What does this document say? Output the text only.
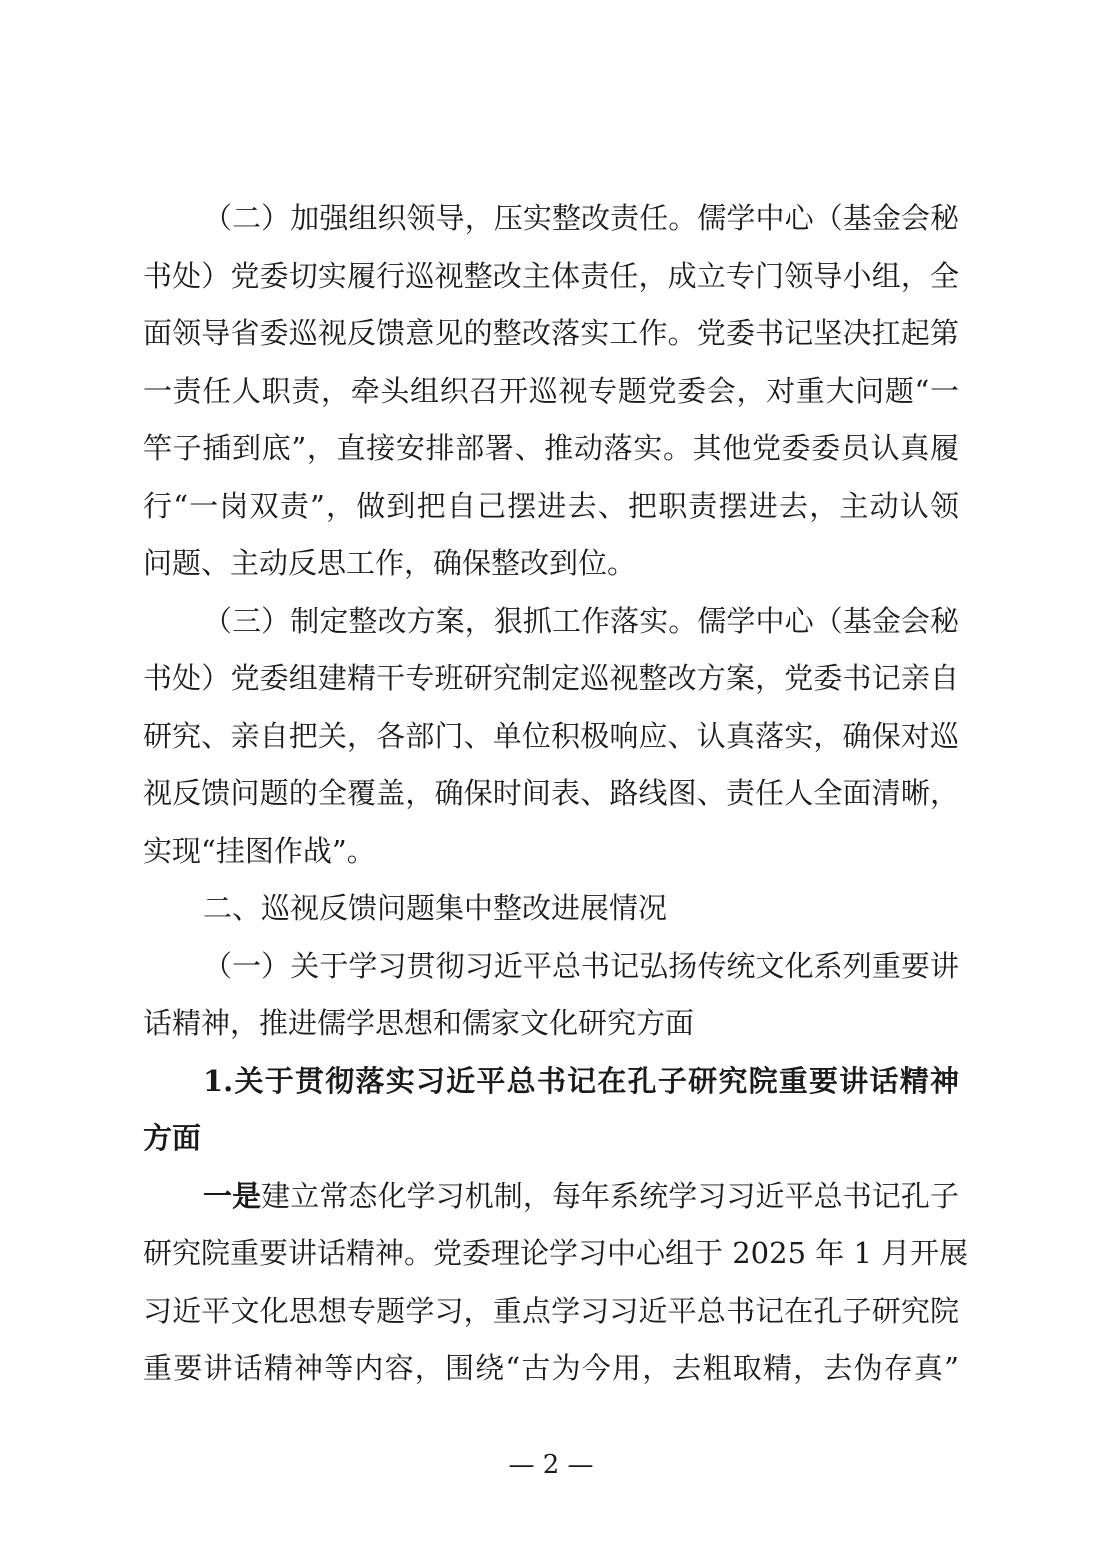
（二）加强组织领导，压实整改责任。儒学中心（基金会秘
书处）党委切实履行巡视整改主体责任，成立专门领导小组，全
面领导省委巡视反馈意见的整改落实工作。党委书记坚决扛起第
一责任人职责，牵头组织召开巡视专题党委会，对重大问题“一
竿子插到底”，直接安排部署、推动落实。其他党委委员认真履
行“一岗双责”，做到把自己摆进去、把职责摆进去，主动认领
问题、主动反思工作，确保整改到位。
（三）制定整改方案，狠抓工作落实。儒学中心（基金会秘
书处）党委组建精干专班研究制定巡视整改方案，党委书记亲自
研究、亲自把关，各部门、单位积极响应、认真落实，确保对巡
视反馈问题的全覆盖，确保时间表、路线图、责任人全面清晰，
实现“挂图作战”。
二、巡视反馈问题集中整改进展情况
（一）关于学习贯彻习近平总书记弘扬传统文化系列重要讲
话精神，推进儒学思想和儒家文化研究方面
1.关于贯彻落实习近平总书记在孔子研究院重要讲话精神
方面
一是建立常态化学习机制，每年系统学习习近平总书记孔子
研究院重要讲话精神。党委理论学习中心组于 2025 年 1 月开展
习近平文化思想专题学习，重点学习习近平总书记在孔子研究院
重要讲话精神等内容，围绕“古为今用，去粗取精，去伪存真”
— 2 —
